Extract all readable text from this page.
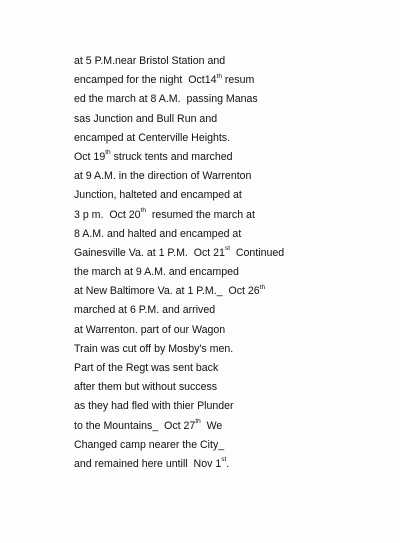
at 5 P.M.near Bristol Station and
encamped for the night  Oct14th resum
ed the march at 8 A.M.  passing Manas
sas Junction and Bull Run and
encamped at Centerville Heights.
Oct 19th struck tents and marched
at 9 A.M. in the direction of Warrenton
Junction, halteted and encamped at
3 p m.  Oct 20th  resumed the march at
8 A.M. and halted and encamped at
Gainesville Va. at 1 P.M.  Oct 21st  Continued
the march at 9 A.M. and encamped
at New Baltimore Va. at 1 P.M._  Oct 26th
marched at 6 P.M. and arrived
at Warrenton. part of our Wagon
Train was cut off by Mosby's men.
Part of the Regt was sent back
after them but without success
as they had fled with thier Plunder
to the Mountains_  Oct 27th  We
Changed camp nearer the City_
and remained here untill  Nov 1st.
